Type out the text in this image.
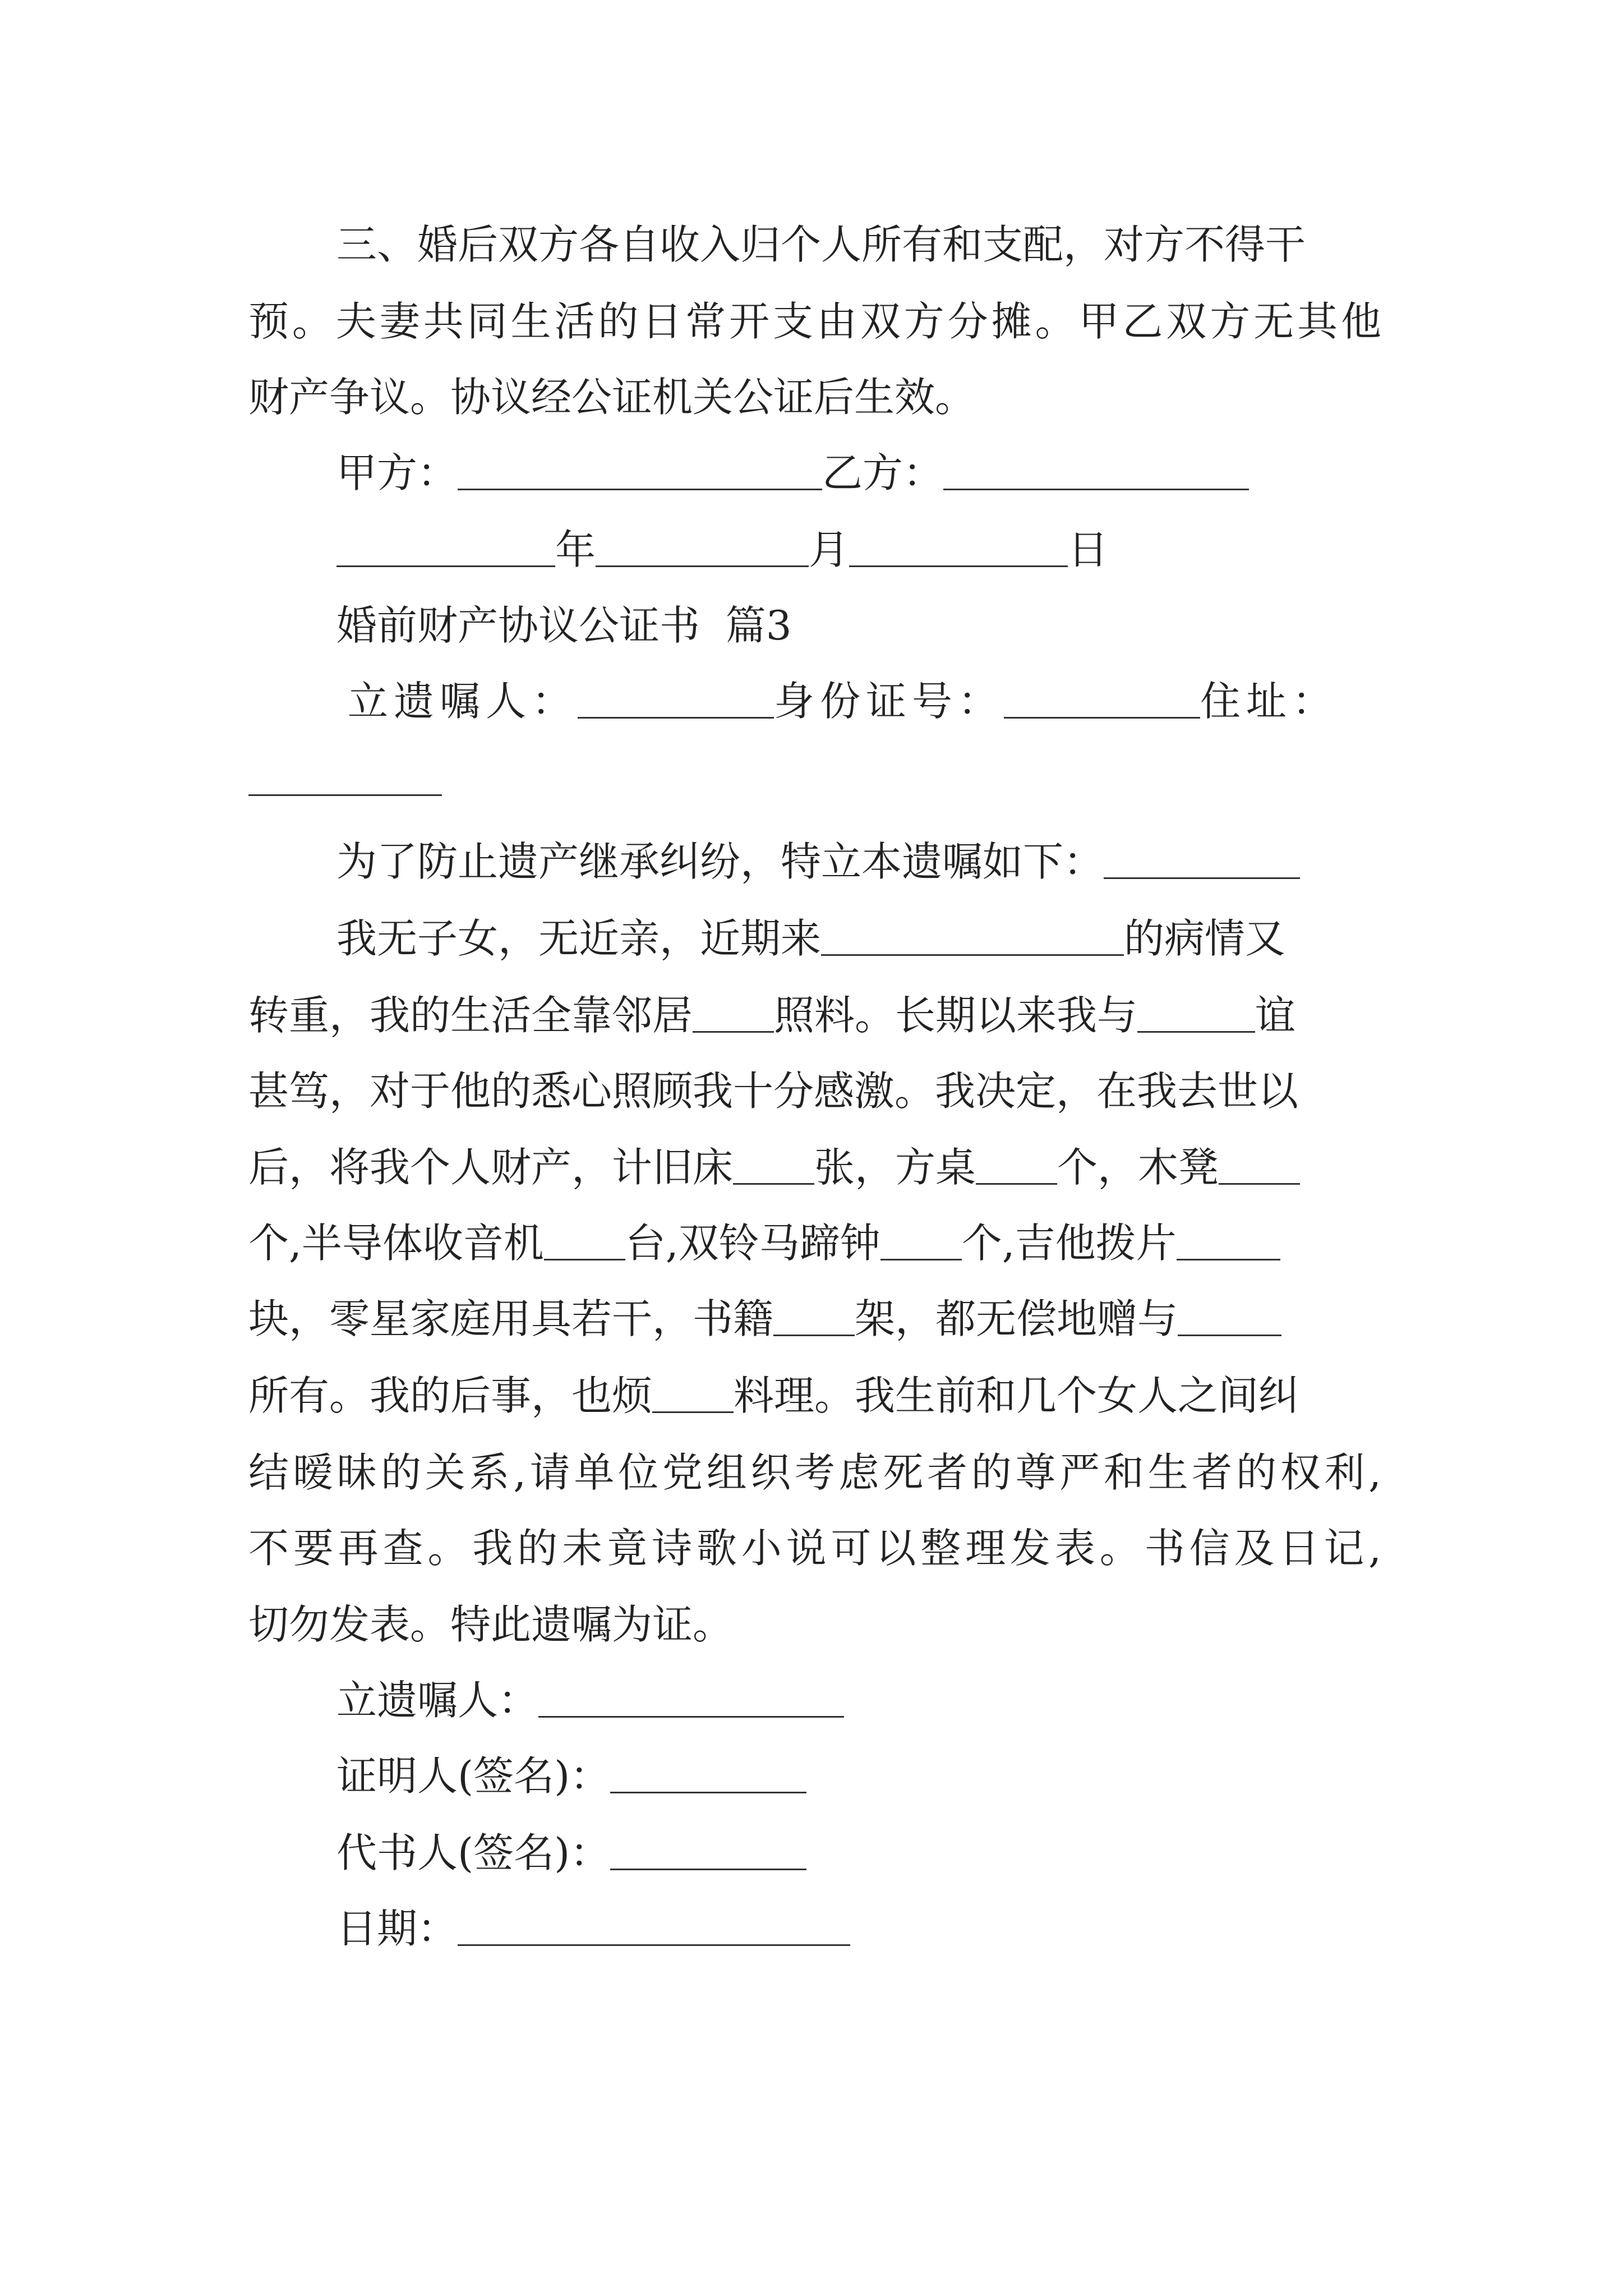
三、婚后双方各自收入归个人所有和支配，对方不得干
预。夫妻共同生活的日常开支由双方分摊。甲乙双方无其他
财产争议。协议经公证机关公证后生效。
甲方：	乙方：
年	月	日
婚前财产协议公证书  篇3
立遗嘱人：	身份证号：	住址：
为了防止遗产继承纠纷，特立本遗嘱如下：
我无子女，无近亲，近期来	的病情又
转重，我的生活全靠邻居 照料。长期以来我与	谊
甚笃，对于他的悉心照顾我十分感激。我决定，在我去世以
后，将我个人财产，计旧床 张，方桌 个，木凳
个,半导体收音机 台,双铃马蹄钟 个,吉他拨片
块，零星家庭用具若干，书籍 架，都无偿地赠与
所有。我的后事，也烦 料理。我生前和几个女人之间纠
结暧昧的关系,请单位党组织考虑死者的尊严和生者的权利,
不要再查。我的未竟诗歌小说可以整理发表。书信及日记,
切勿发表。特此遗嘱为证。
立遗嘱人：
证明人(签名)：
代书人(签名)：
日期：
